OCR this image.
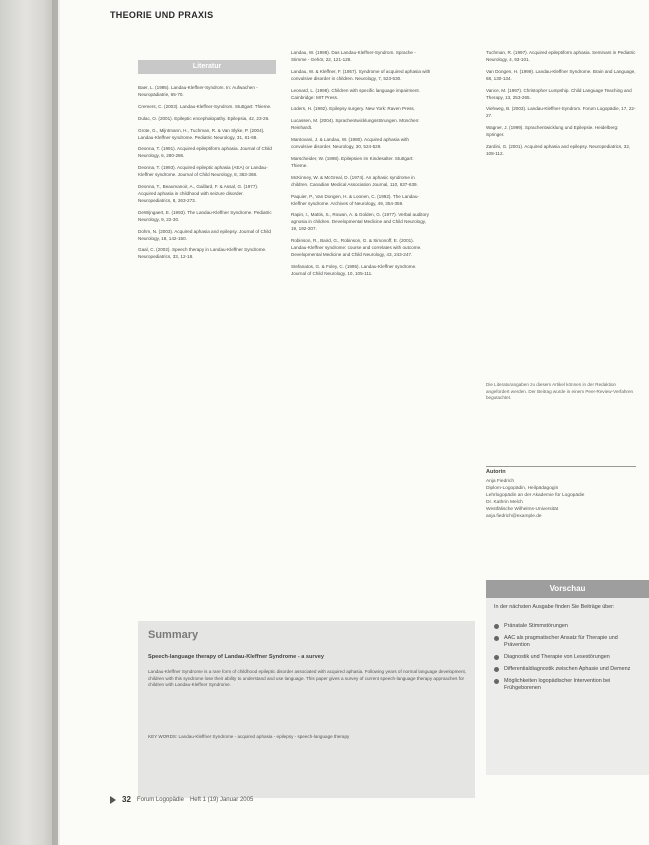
THEORIE UND PRAXIS
Literatur

Baer, L. (1995). Landau-Kleffner-Syndrom. In: Aufwachen - Neuropädiatrie, 65-70.

Cremers, C. (2003). Landau-Kleffner-Syndrom. Stuttgart: Thieme.

Dulac, O. (2001). Epileptic encephalopathy. Epilepsia, 42, 23-26.

Grote, G., Mijntmann, H., Tuchman, R. & Van Slyke, P. (2004). Landau-Kleffner syndrome. Pediatric Neurology, 31, 61-68.

Deonna, T. (1991). Acquired epileptiform aphasia. Journal of Child Neurology, 6, 280-286.

Deonna, T. (1993). Acquired epileptic aphasia (AEA) or Landau-Kleffner syndrome. Journal of Child Neurology, 8, 363-368.

Deonna, T., Beaumanoir, A., Gaillard, F. & Assal, G. (1977). Acquired aphasia in childhood with seizure disorder. Neuropediatrics, 8, 263-273.

DeWijngaert, E. (1993). The Landau-Kleffner Syndrome. Pediatric Neurology, 9, 22-30.

Dohm, N. (2003). Acquired aphasia and epilepsy. Journal of Child Neurology, 18, 142-150.

Gaal, C. (2002). Speech therapy in Landau-Kleffner Syndrome. Neuropediatrics, 33, 12-18.

Landau, W. (1998). Das Landau-Kleffner-Syndrom. Sprache - Stimme - Gehör, 22, 121-128.

Landau, W. & Kleffner, F. (1957). Syndrome of acquired aphasia with convulsive disorder in children. Neurology, 7, 523-530.

Leonard, L. (1998). Children with specific language impairment. Cambridge: MIT Press.

Lüders, H. (1992). Epilepsy surgery. New York: Raven Press.

Lucassen, M. (2004). Sprachentwicklungsstörungen. München: Reinhardt.

Mantovani, J. & Landau, W. (1980). Acquired aphasia with convulsive disorder. Neurology, 30, 524-529.

Marscheider, W. (1998). Epilepsien im Kindesalter. Stuttgart: Thieme.

McKinney, W. & McGreal, D. (1974). An aphasic syndrome in children. Canadian Medical Association Journal, 110, 637-639.

Paquier, P., Van Dongen, H. & Loonen, C. (1992). The Landau-Kleffner syndrome. Archives of Neurology, 49, 354-359.

Rapin, I., Mattis, S., Rowan, A. & Golden, G. (1977). Verbal auditory agnosia in children. Developmental Medicine and Child Neurology, 19, 192-207.

Robinson, R., Baird, G., Robinson, G. & Simonoff, E. (2001). Landau-Kleffner syndrome: course and correlates with outcome. Developmental Medicine and Child Neurology, 43, 243-247.

Stefanatos, G. & Foley, C. (1995). Landau-Kleffner syndrome. Journal of Child Neurology, 10, 105-111.

Tuchman, R. (1997). Acquired epileptiform aphasia. Seminars in Pediatric Neurology, 4, 93-101.

Van Dongen, H. (1999). Landau-Kleffner Syndrome. Brain and Language, 68, 130-134.

Vance, M. (1997). Christopher Lumpship. Child Language Teaching and Therapy, 13, 253-265.

Viehweg, B. (2003). Landau-Kleffner-Syndrom. Forum Logopädie, 17, 22-27.

Wagner, J. (1999). Sprachentwicklung und Epilepsie. Heidelberg: Springer.

Zardini, G. (2001). Acquired aphasia and epilepsy. Neuropediatrics, 32, 108-112.

Die Literaturangaben zu diesem Artikel können in der Redaktion angefordert werden. Der Beitrag wurde in einem Peer-Review-Verfahren begutachtet.
Autorin
Anja Fiedrich
Diplom-Logopädin, Heilpädagogin
Lehrlogopädin an der Akademie für Logopädie
Dr. Kathrin Melch
Westfälische Wilhelms-Universität
anja.fiedrich@example.de
Summary
Speech-language therapy of Landau-Kleffner Syndrome - a survey
Landau-Kleffner Syndrome is a rare form of childhood epileptic disorder associated with acquired aphasia. Following years of normal language development, children with this syndrome lose their ability to understand and use language. This paper gives a survey of current speech-language therapy approaches for children with Landau-Kleffner Syndrome.
KEY WORDS: Landau-Kleffner Syndrome - acquired aphasia - epilepsy - speech-language therapy
Vorschau
In der nächsten Ausgabe finden Sie Beiträge über:
Pränatale Stimmstörungen
AAC als pragmatischer Ansatz für Therapie und Prävention
Diagnostik und Therapie von Lesestörungen
Differentialdiagnostik zwischen Aphasie und Demenz
Möglichkeiten logopädischer Intervention bei Frühgeborenen
32 Forum Logopädie Heft 1 (19) Januar 2005
